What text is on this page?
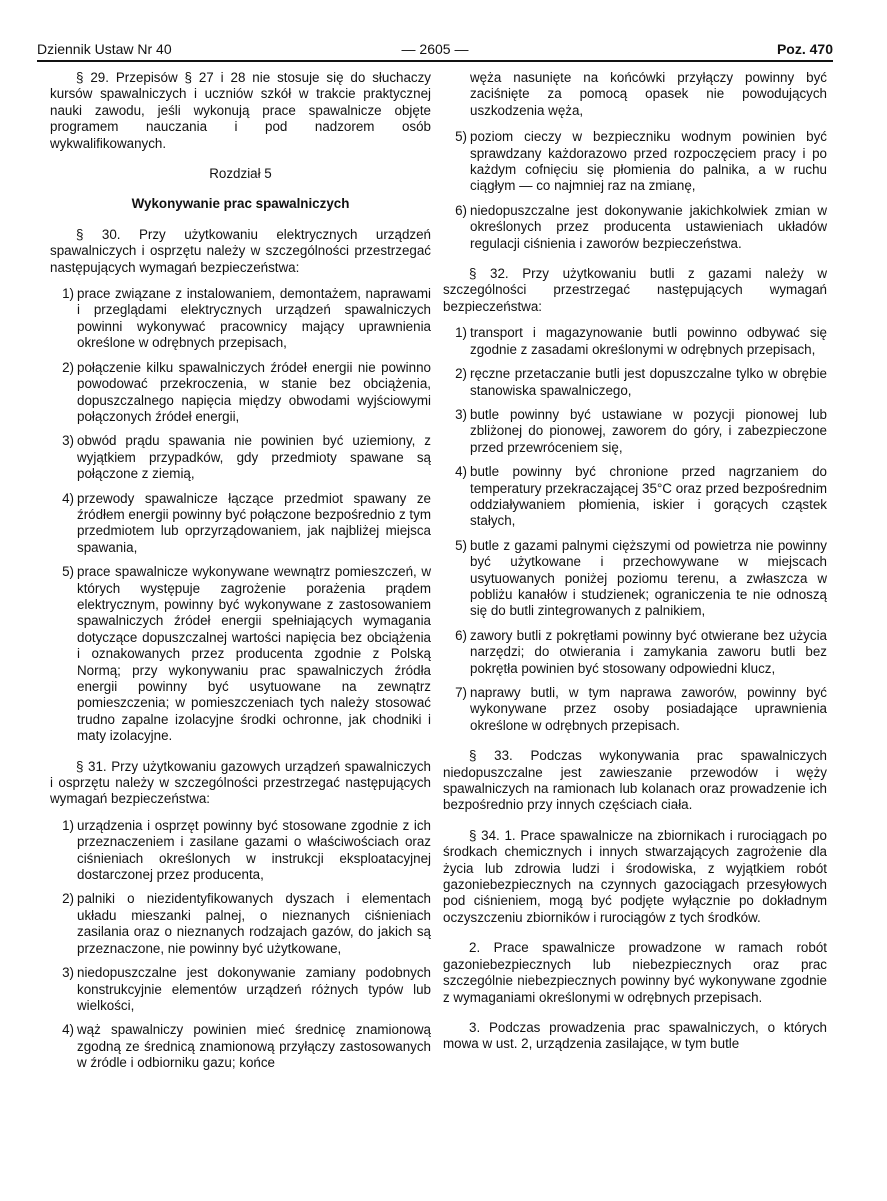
Dziennik Ustaw Nr 40	— 2605 —	Poz. 470

§ 29. Przepisów § 27 i 28 nie stosuje się do słuchaczy kursów spawalniczych i uczniów szkół w trakcie praktycznej nauki zawodu, jeśli wykonują prace spawalnicze objęte programem nauczania i pod nadzorem osób wykwalifikowanych.

Rozdział 5

Wykonywanie prac spawalniczych

§ 30. Przy użytkowaniu elektrycznych urządzeń spawalniczych i osprzętu należy w szczególności przestrzegać następujących wymagań bezpieczeństwa:

1) prace związane z instalowaniem, demontażem, naprawami i przeglądami elektrycznych urządzeń spawalniczych powinni wykonywać pracownicy mający uprawnienia określone w odrębnych przepisach,
2) połączenie kilku spawalniczych źródeł energii nie powinno powodować przekroczenia, w stanie bez obciążenia, dopuszczalnego napięcia między obwodami wyjściowymi połączonych źródeł energii,
3) obwód prądu spawania nie powinien być uziemiony, z wyjątkiem przypadków, gdy przedmioty spawane są połączone z ziemią,
4) przewody spawalnicze łączące przedmiot spawany ze źródłem energii powinny być połączone bezpośrednio z tym przedmiotem lub oprzyrządowaniem, jak najbliżej miejsca spawania,
5) prace spawalnicze wykonywane wewnątrz pomieszczeń, w których występuje zagrożenie porażenia prądem elektrycznym, powinny być wykonywane z zastosowaniem spawalniczych źródeł energii spełniających wymagania dotyczące dopuszczalnej wartości napięcia bez obciążenia i oznakowanych przez producenta zgodnie z Polską Normą; przy wykonywaniu prac spawalniczych źródła energii powinny być usytuowane na zewnątrz pomieszczenia; w pomieszczeniach tych należy stosować trudno zapalne izolacyjne środki ochronne, jak chodniki i maty izolacyjne.

§ 31. Przy użytkowaniu gazowych urządzeń spawalniczych i osprzętu należy w szczególności przestrzegać następujących wymagań bezpieczeństwa:

1) urządzenia i osprzęt powinny być stosowane zgodnie z ich przeznaczeniem i zasilane gazami o właściwościach oraz ciśnieniach określonych w instrukcji eksploatacyjnej dostarczonej przez producenta,
2) palniki o niezidentyfikowanych dyszach i elementach układu mieszanki palnej, o nieznanych ciśnieniach zasilania oraz o nieznanych rodzajach gazów, do jakich są przeznaczone, nie powinny być użytkowane,
3) niedopuszczalne jest dokonywanie zamiany podobnych konstrukcyjnie elementów urządzeń różnych typów lub wielkości,
4) wąż spawalniczy powinien mieć średnicę znamionową zgodną ze średnicą znamionową przyłączy zastosowanych w źródle i odbiorniku gazu; końce

węża nasunięte na końcówki przyłączy powinny być zaciśnięte za pomocą opasek nie powodujących uszkodzenia węża,

5) poziom cieczy w bezpieczniku wodnym powinien być sprawdzany każdorazowo przed rozpoczęciem pracy i po każdym cofnięciu się płomienia do palnika, a w ruchu ciągłym — co najmniej raz na zmianę,
6) niedopuszczalne jest dokonywanie jakichkolwiek zmian w określonych przez producenta ustawieniach układów regulacji ciśnienia i zaworów bezpieczeństwa.

§ 32. Przy użytkowaniu butli z gazami należy w szczególności przestrzegać następujących wymagań bezpieczeństwa:

1) transport i magazynowanie butli powinno odbywać się zgodnie z zasadami określonymi w odrębnych przepisach,
2) ręczne przetaczanie butli jest dopuszczalne tylko w obrębie stanowiska spawalniczego,
3) butle powinny być ustawiane w pozycji pionowej lub zbliżonej do pionowej, zaworem do góry, i zabezpieczone przed przewróceniem się,
4) butle powinny być chronione przed nagrzaniem do temperatury przekraczającej 35°C oraz przed bezpośrednim oddziaływaniem płomienia, iskier i gorących cząstek stałych,
5) butle z gazami palnymi cięższymi od powietrza nie powinny być użytkowane i przechowywane w miejscach usytuowanych poniżej poziomu terenu, a zwłaszcza w pobliżu kanałów i studzienek; ograniczenia te nie odnoszą się do butli zintegrowanych z palnikiem,
6) zawory butli z pokrętłami powinny być otwierane bez użycia narzędzi; do otwierania i zamykania zaworu butli bez pokrętła powinien być stosowany odpowiedni klucz,
7) naprawy butli, w tym naprawa zaworów, powinny być wykonywane przez osoby posiadające uprawnienia określone w odrębnych przepisach.

§ 33. Podczas wykonywania prac spawalniczych niedopuszczalne jest zawieszanie przewodów i węży spawalniczych na ramionach lub kolanach oraz prowadzenie ich bezpośrednio przy innych częściach ciała.

§ 34. 1. Prace spawalnicze na zbiornikach i rurociągach po środkach chemicznych i innych stwarzających zagrożenie dla życia lub zdrowia ludzi i środowiska, z wyjątkiem robót gazoniebezpiecznych na czynnych gazociągach przesyłowych pod ciśnieniem, mogą być podjęte wyłącznie po dokładnym oczyszczeniu zbiorników i rurociągów z tych środków.

2. Prace spawalnicze prowadzone w ramach robót gazoniebezpiecznych lub niebezpiecznych oraz prac szczególnie niebezpiecznych powinny być wykonywane zgodnie z wymaganiami określonymi w odrębnych przepisach.

3. Podczas prowadzenia prac spawalniczych, o których mowa w ust. 2, urządzenia zasilające, w tym butle
